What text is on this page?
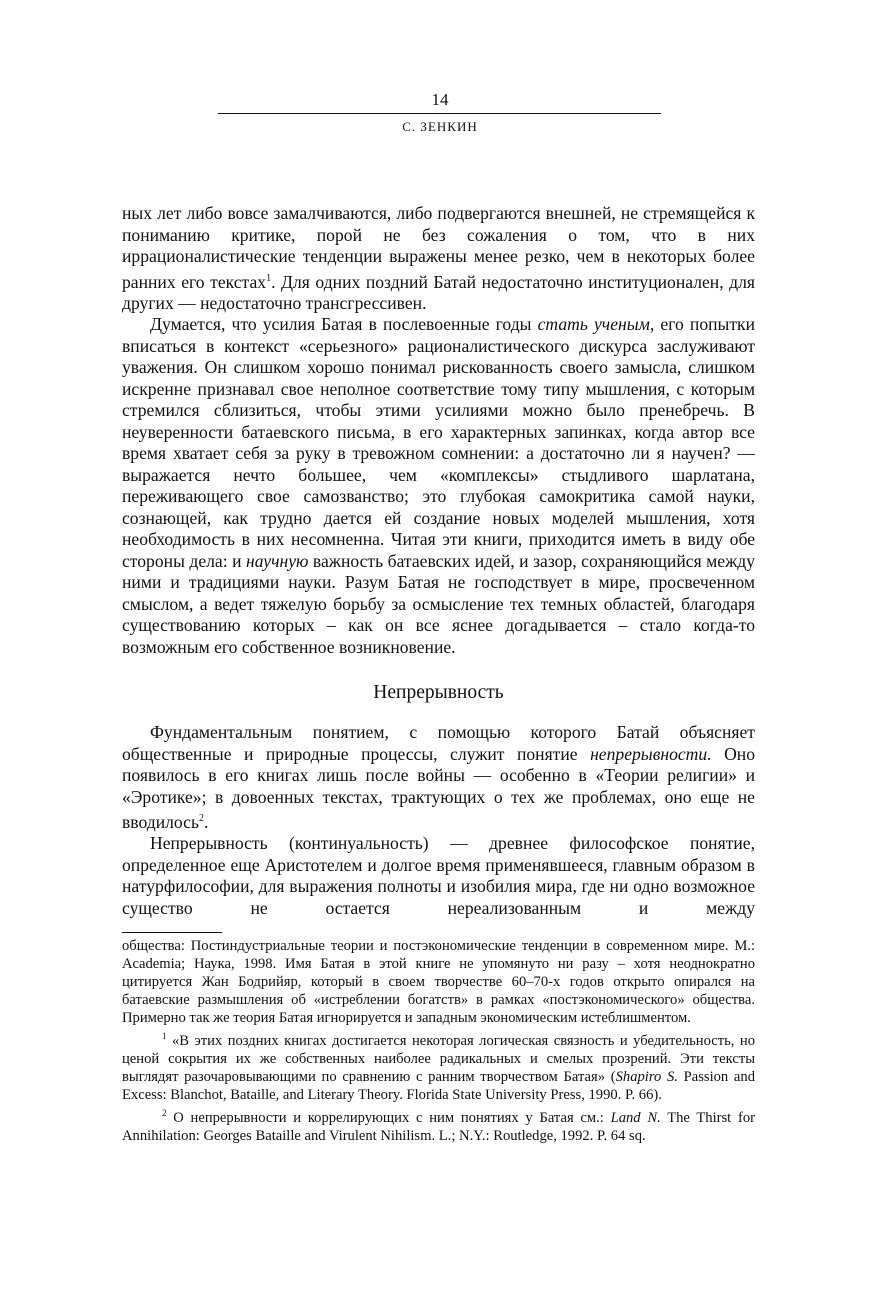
14
С. ЗЕНКИН

ных лет либо вовсе замалчиваются, либо подвергаются внешней, не стремящейся к пониманию критике, порой не без сожаления о том, что в них иррационалистические тенденции выражены менее резко, чем в некоторых более ранних его текстах$^1$. Для одних поздний Батай недостаточно институционален, для других — недостаточно трансгрессивен.

Думается, что усилия Батая в послевоенные годы стать ученым, его попытки вписаться в контекст «серьезного» рационалистического дискурса заслуживают уважения. Он слишком хорошо понимал рискованность своего замысла, слишком искренне признавал свое неполное соответствие тому типу мышления, с которым стремился сблизиться, чтобы этими усилиями можно было пренебречь. В неуверенности батаевского письма, в его характерных запинках, когда автор все время хватает себя за руку в тревожном сомнении: а достаточно ли я научен? — выражается нечто большее, чем «комплексы» стыдливого шарлатана, переживающего свое самозванство; это глубокая самокритика самой науки, сознающей, как трудно дается ей создание новых моделей мышления, хотя необходимость в них несомненна. Читая эти книги, приходится иметь в виду обе стороны дела: и научную важность батаевских идей, и зазор, сохраняющийся между ними и традициями науки. Разум Батая не господствует в мире, просвеченном смыслом, а ведет тяжелую борьбу за осмысление тех темных областей, благодаря существованию которых – как он все яснее догадывается – стало когда-то возможным его собственное возникновение.

Непрерывность

Фундаментальным понятием, с помощью которого Батай объясняет общественные и природные процессы, служит понятие непрерывности. Оно появилось в его книгах лишь после войны — особенно в «Теории религии» и «Эротике»; в довоенных текстах, трактующих о тех же проблемах, оно еще не вводилось$^2$.

Непрерывность (континуальность) — древнее философское понятие, определенное еще Аристотелем и долгое время применявшееся, главным образом в натурфилософии, для выражения полноты и изобилия мира, где ни одно возможное существо не остается нереализованным и между

общества: Постиндустриальные теории и постэкономические тенденции в современном мире. М.: Academia; Наука, 1998. Имя Батая в этой книге не упомянуто ни разу – хотя неоднократно цитируется Жан Бодрийяр, который в своем творчестве 60–70-х годов открыто опирался на батаевские размышления об «истреблении богатств» в рамках «постэкономического» общества. Примерно так же теория Батая игнорируется и западным экономическим истеблишментом.

$^1$ «В этих поздних книгах достигается некоторая логическая связность и убедительность, но ценой сокрытия их же собственных наиболее радикальных и смелых прозрений. Эти тексты выглядят разочаровывающими по сравнению с ранним творчеством Батая» (Shapiro S. Passion and Excess: Blanchot, Bataille, and Literary Theory. Florida State University Press, 1990. P. 66).

$^2$ О непрерывности и коррелирующих с ним понятиях у Батая см.: Land N. The Thirst for Annihilation: Georges Bataille and Virulent Nihilism. L.; N.Y.: Routledge, 1992. P. 64 sq.
